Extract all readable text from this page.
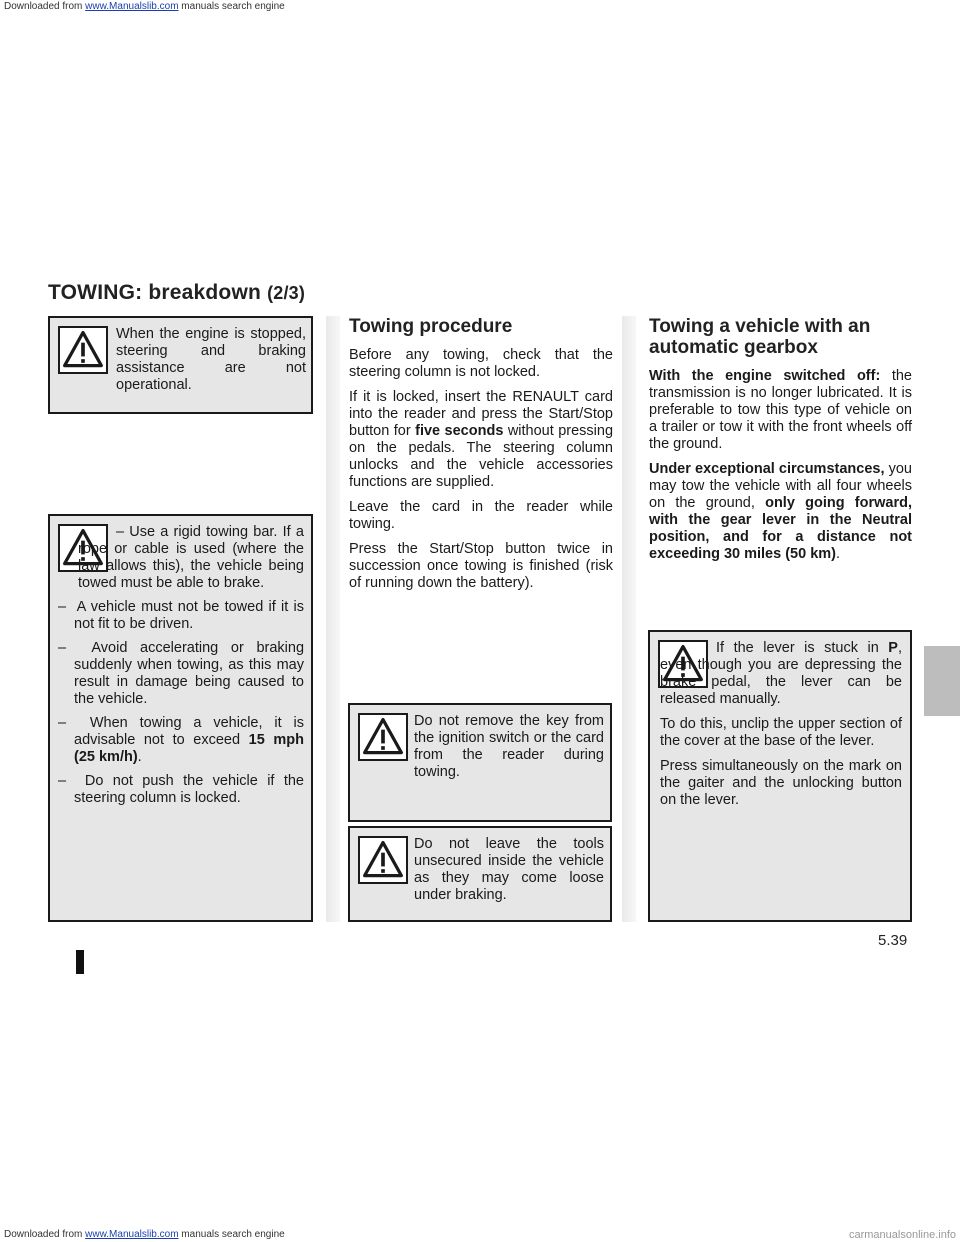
Downloaded from www.Manualslib.com manuals search engine
TOWING: breakdown (2/3)
When the engine is stopped, steering and braking assistance are not operational.
– Use a rigid towing bar. If a rope or cable is used (where the law allows this), the vehicle being towed must be able to brake.
–  A vehicle must not be towed if it is not fit to be driven.
–  Avoid accelerating or braking suddenly when towing, as this may result in damage being caused to the vehicle.
–  When towing a vehicle, it is advisable not to exceed 15 mph (25 km/h).
–  Do not push the vehicle if the steering column is locked.
Towing procedure

Before any towing, check that the steering column is not locked.

If it is locked, insert the RENAULT card into the reader and press the Start/Stop button for five seconds without pressing on the pedals. The steering column unlocks and the vehicle accessories functions are supplied.

Leave the card in the reader while towing.

Press the Start/Stop button twice in succession once towing is finished (risk of running down the battery).

Do not remove the key from the ignition switch or the card from the reader during towing.
Do not leave the tools unsecured inside the vehicle as they may come loose under braking.
Towing a vehicle with an automatic gearbox

With the engine switched off: the transmission is no longer lubricated. It is preferable to tow this type of vehicle on a trailer or tow it with the front wheels off the ground.

Under exceptional circumstances, you may tow the vehicle with all four wheels on the ground, only going forward, with the gear lever in the Neutral position, and for a distance not exceeding 30 miles (50 km).

If the lever is stuck in P, even though you are depressing the brake pedal, the lever can be released manually.

To do this, unclip the upper section of the cover at the base of the lever.

Press simultaneously on the mark on the gaiter and the unlocking button on the lever.

5.39
Downloaded from www.Manualslib.com manuals search engine	carmanualsonline.info
